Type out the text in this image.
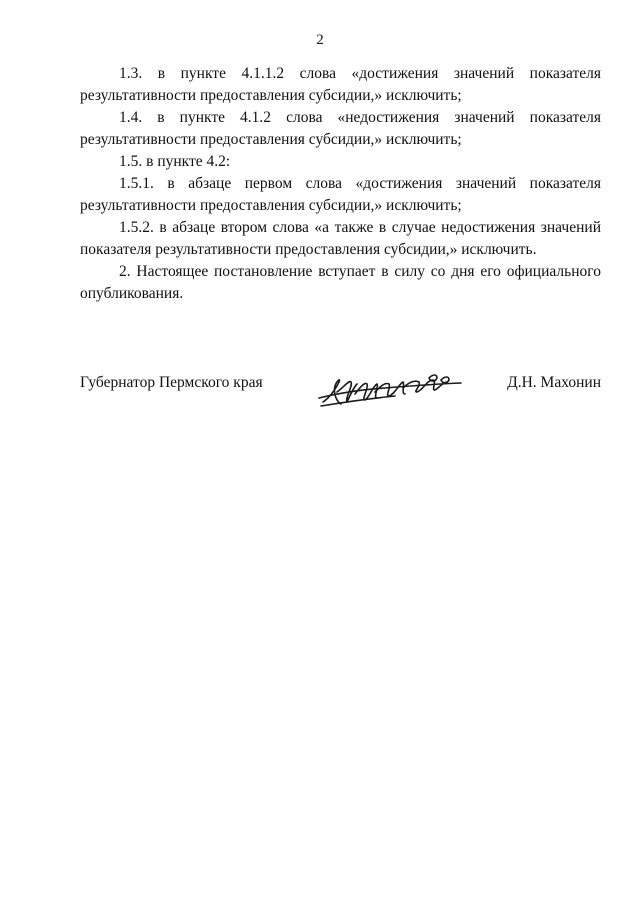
2

1.3. в пункте 4.1.1.2 слова «достижения значений показателя результативности предоставления субсидии,» исключить;

1.4. в пункте 4.1.2 слова «недостижения значений показателя результативности предоставления субсидии,» исключить;

1.5. в пункте 4.2:

1.5.1. в абзаце первом слова «достижения значений показателя результативности предоставления субсидии,» исключить;

1.5.2. в абзаце втором слова «а также в случае недостижения значений показателя результативности предоставления субсидии,» исключить.

2. Настоящее постановление вступает в силу со дня его официального опубликования.

Губернатор Пермского края	Д.Н. Махонин
